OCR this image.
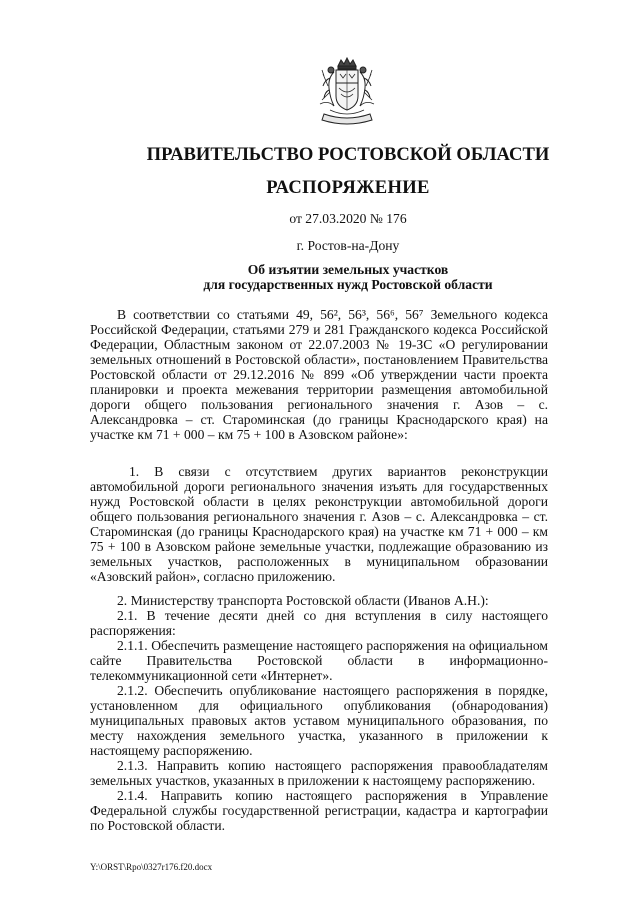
ПРАВИТЕЛЬСТВО РОСТОВСКОЙ ОБЛАСТИ
РАСПОРЯЖЕНИЕ
от 27.03.2020 № 176
г. Ростов-на-Дону
Об изъятии земельных участков
для государственных нужд Ростовской области
В соответствии со статьями 49, 56², 56³, 56⁶, 56⁷ Земельного кодекса Российской Федерации, статьями 279 и 281 Гражданского кодекса Российской Федерации, Областным законом от 22.07.2003 № 19-ЗС «О регулировании земельных отношений в Ростовской области», постановлением Правительства Ростовской области от 29.12.2016 № 899 «Об утверждении части проекта планировки и проекта межевания территории размещения автомобильной дороги общего пользования регионального значения г. Азов – с. Александровка – ст. Староминская (до границы Краснодарского края) на участке км 71 + 000 – км 75 + 100 в Азовском районе»:
1. В связи с отсутствием других вариантов реконструкции автомобильной дороги регионального значения изъять для государственных нужд Ростовской области в целях реконструкции автомобильной дороги общего пользования регионального значения г. Азов – с. Александровка – ст. Староминская (до границы Краснодарского края) на участке км 71 + 000 – км 75 + 100 в Азовском районе земельные участки, подлежащие образованию из земельных участков, расположенных в муниципальном образовании «Азовский район», согласно приложению.
2. Министерству транспорта Ростовской области (Иванов А.Н.):
2.1. В течение десяти дней со дня вступления в силу настоящего распоряжения:
2.1.1. Обеспечить размещение настоящего распоряжения на официальном сайте Правительства Ростовской области в информационно-телекоммуникационной сети «Интернет».
2.1.2. Обеспечить опубликование настоящего распоряжения в порядке, установленном для официального опубликования (обнародования) муниципальных правовых актов уставом муниципального образования, по месту нахождения земельного участка, указанного в приложении к настоящему распоряжению.
2.1.3. Направить копию настоящего распоряжения правообладателям земельных участков, указанных в приложении к настоящему распоряжению.
2.1.4. Направить копию настоящего распоряжения в Управление Федеральной службы государственной регистрации, кадастра и картографии по Ростовской области.
Y:\ORST\Rpo\0327r176.f20.docx
